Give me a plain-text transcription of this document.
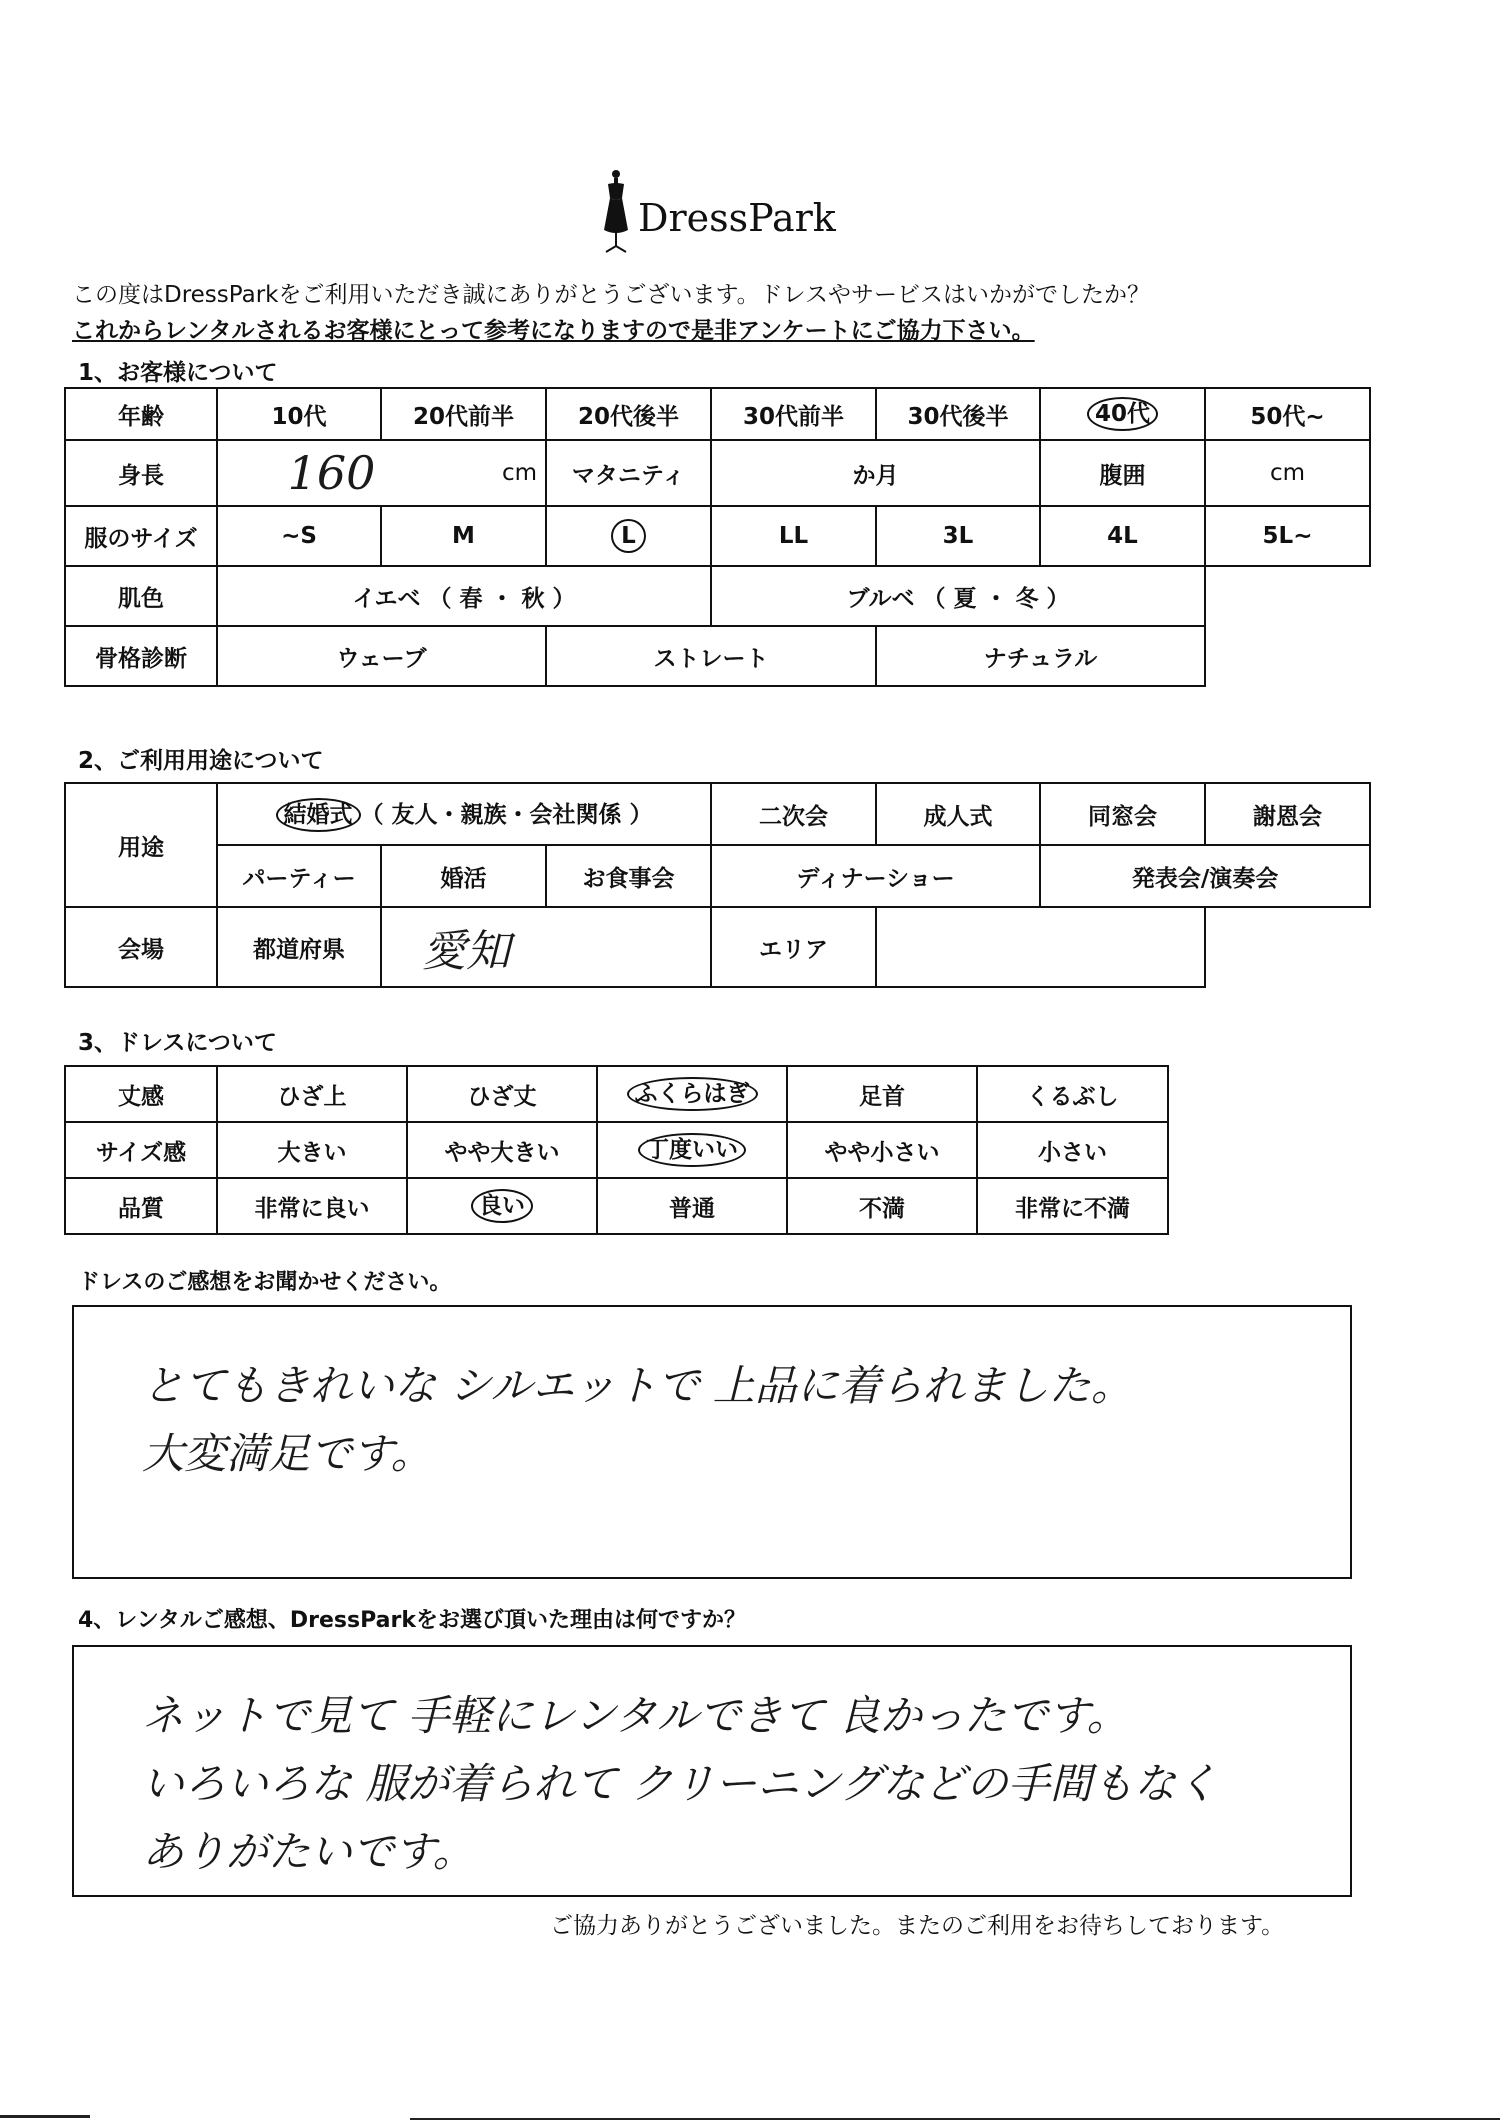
DressPark
この度はDressParkをご利用いただき誠にありがとうございます。ドレスやサービスはいかがでしたか？
これからレンタルされるお客様にとって参考になりますので是非アンケートにご協力下さい。
1、お客様について
年齢	10代	20代前半	20代後半	30代前半	30代後半	40代	50代~
身長	160 cm		マタニティ	か月		腹囲	cm
服のサイズ	~S	M	L	LL	3L	4L	5L~
肌色	イエベ （ 春 ・ 秋 ）			ブルベ （ 夏 ・ 冬 ）			
骨格診断	ウェーブ		ストレート		ナチュラル		
2、ご利用用途について
用途	結婚式 （ 友人・親族・会社関係 ）			二次会	成人式	同窓会	謝恩会
	パーティー	婚活	お食事会	ディナーショー		発表会/演奏会	
会場	都道府県	愛知		エリア			
3、ドレスについて
丈感	ひざ上	ひざ丈	ふくらはぎ	足首	くるぶし
サイズ感	大きい	やや大きい	丁度いい	やや小さい	小さい
品質	非常に良い	良い	普通	不満	非常に不満
ドレスのご感想をお聞かせください。
とてもきれいな シルエットで 上品に着られました。
大変満足です。
4、レンタルご感想、DressParkをお選び頂いた理由は何ですか？
ネットで見て 手軽にレンタルできて 良かったです。
いろいろな 服が着られて クリーニングなどの手間もなく
ありがたいです。
ご協力ありがとうございました。またのご利用をお待ちしております。
